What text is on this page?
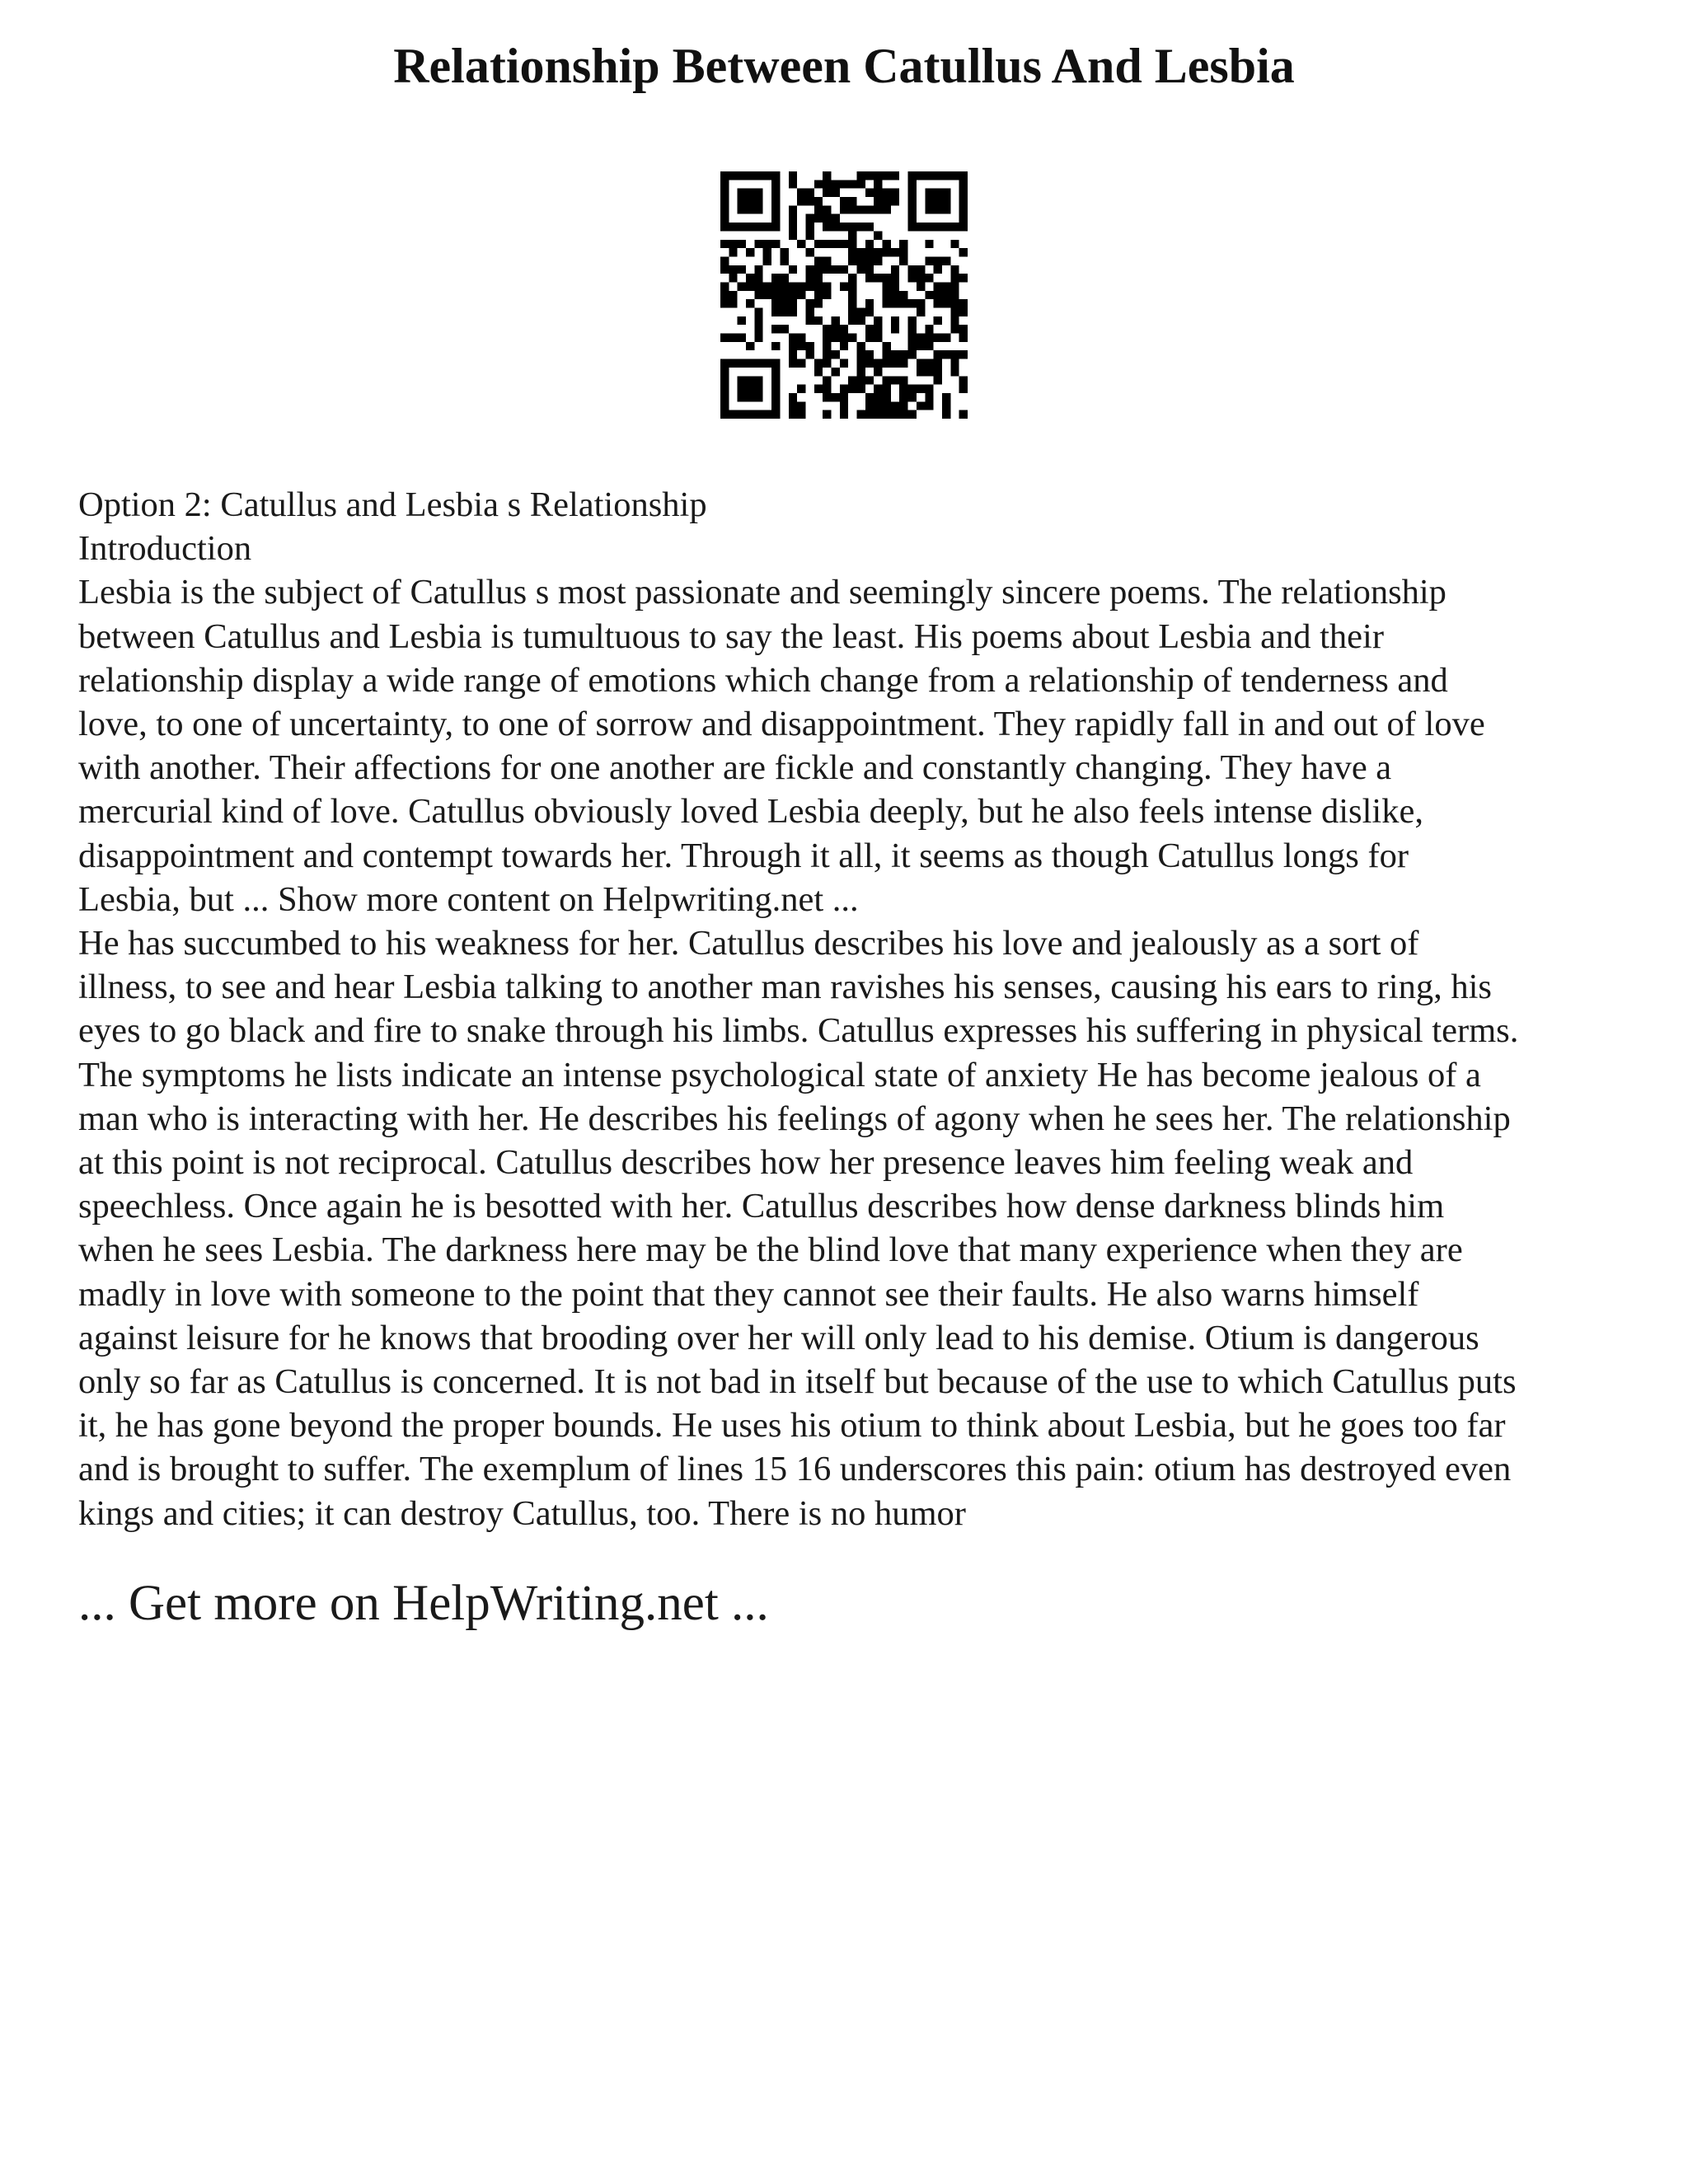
Relationship Between Catullus And Lesbia
Option 2: Catullus and Lesbia s Relationship
Introduction
Lesbia is the subject of Catullus s most passionate and seemingly sincere poems. The relationship
between Catullus and Lesbia is tumultuous to say the least. His poems about Lesbia and their
relationship display a wide range of emotions which change from a relationship of tenderness and
love, to one of uncertainty, to one of sorrow and disappointment. They rapidly fall in and out of love
with another. Their affections for one another are fickle and constantly changing. They have a
mercurial kind of love. Catullus obviously loved Lesbia deeply, but he also feels intense dislike,
disappointment and contempt towards her. Through it all, it seems as though Catullus longs for
Lesbia, but ... Show more content on Helpwriting.net ...
He has succumbed to his weakness for her. Catullus describes his love and jealously as a sort of
illness, to see and hear Lesbia talking to another man ravishes his senses, causing his ears to ring, his
eyes to go black and fire to snake through his limbs. Catullus expresses his suffering in physical terms.
The symptoms he lists indicate an intense psychological state of anxiety He has become jealous of a
man who is interacting with her. He describes his feelings of agony when he sees her. The relationship
at this point is not reciprocal. Catullus describes how her presence leaves him feeling weak and
speechless. Once again he is besotted with her. Catullus describes how dense darkness blinds him
when he sees Lesbia. The darkness here may be the blind love that many experience when they are
madly in love with someone to the point that they cannot see their faults. He also warns himself
against leisure for he knows that brooding over her will only lead to his demise. Otium is dangerous
only so far as Catullus is concerned. It is not bad in itself but because of the use to which Catullus puts
it, he has gone beyond the proper bounds. He uses his otium to think about Lesbia, but he goes too far
and is brought to suffer. The exemplum of lines 15 16 underscores this pain: otium has destroyed even
kings and cities; it can destroy Catullus, too. There is no humor
... Get more on HelpWriting.net ...
